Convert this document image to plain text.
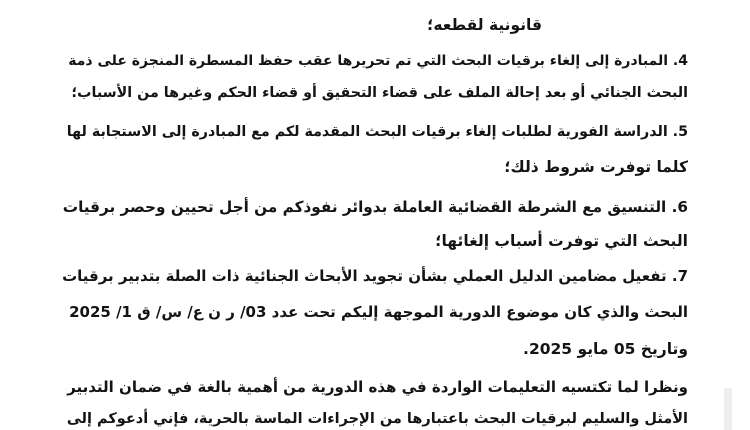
قانونية لقطعه؛
4. المبادرة إلى إلغاء برقيات البحث التي تم تحريرها عقب حفظ المسطرة المنجزة على ذمة
البحث الجنائي أو بعد إحالة الملف على قضاء التحقيق أو قضاء الحكم وغيرها من الأسباب؛
5. الدراسة الفورية لطلبات إلغاء برقيات البحث المقدمة لكم مع المبادرة إلى الاستجابة لها
كلما توفرت شروط ذلك؛
6. التنسيق مع الشرطة القضائية العاملة بدوائر نفوذكم من أجل تحيين وحصر برقيات
البحث التي توفرت أسباب إلغائها؛
7. تفعيل مضامين الدليل العملي بشأن تجويد الأبحاث الجنائية ذات الصلة بتدبير برقيات
البحث والذي كان موضوع الدورية الموجهة إليكم تحت عدد 03/ ر ن ع/ س/ ق 1/ 2025
وتاريخ 05 مايو 2025.
ونظرا لما تكتسيه التعليمات الواردة في هذه الدورية من أهمية بالغة في ضمان التدبير
الأمثل والسليم لبرقيات البحث باعتبارها من الإجراءات الماسة بالحرية، فإني أدعوكم إلى
